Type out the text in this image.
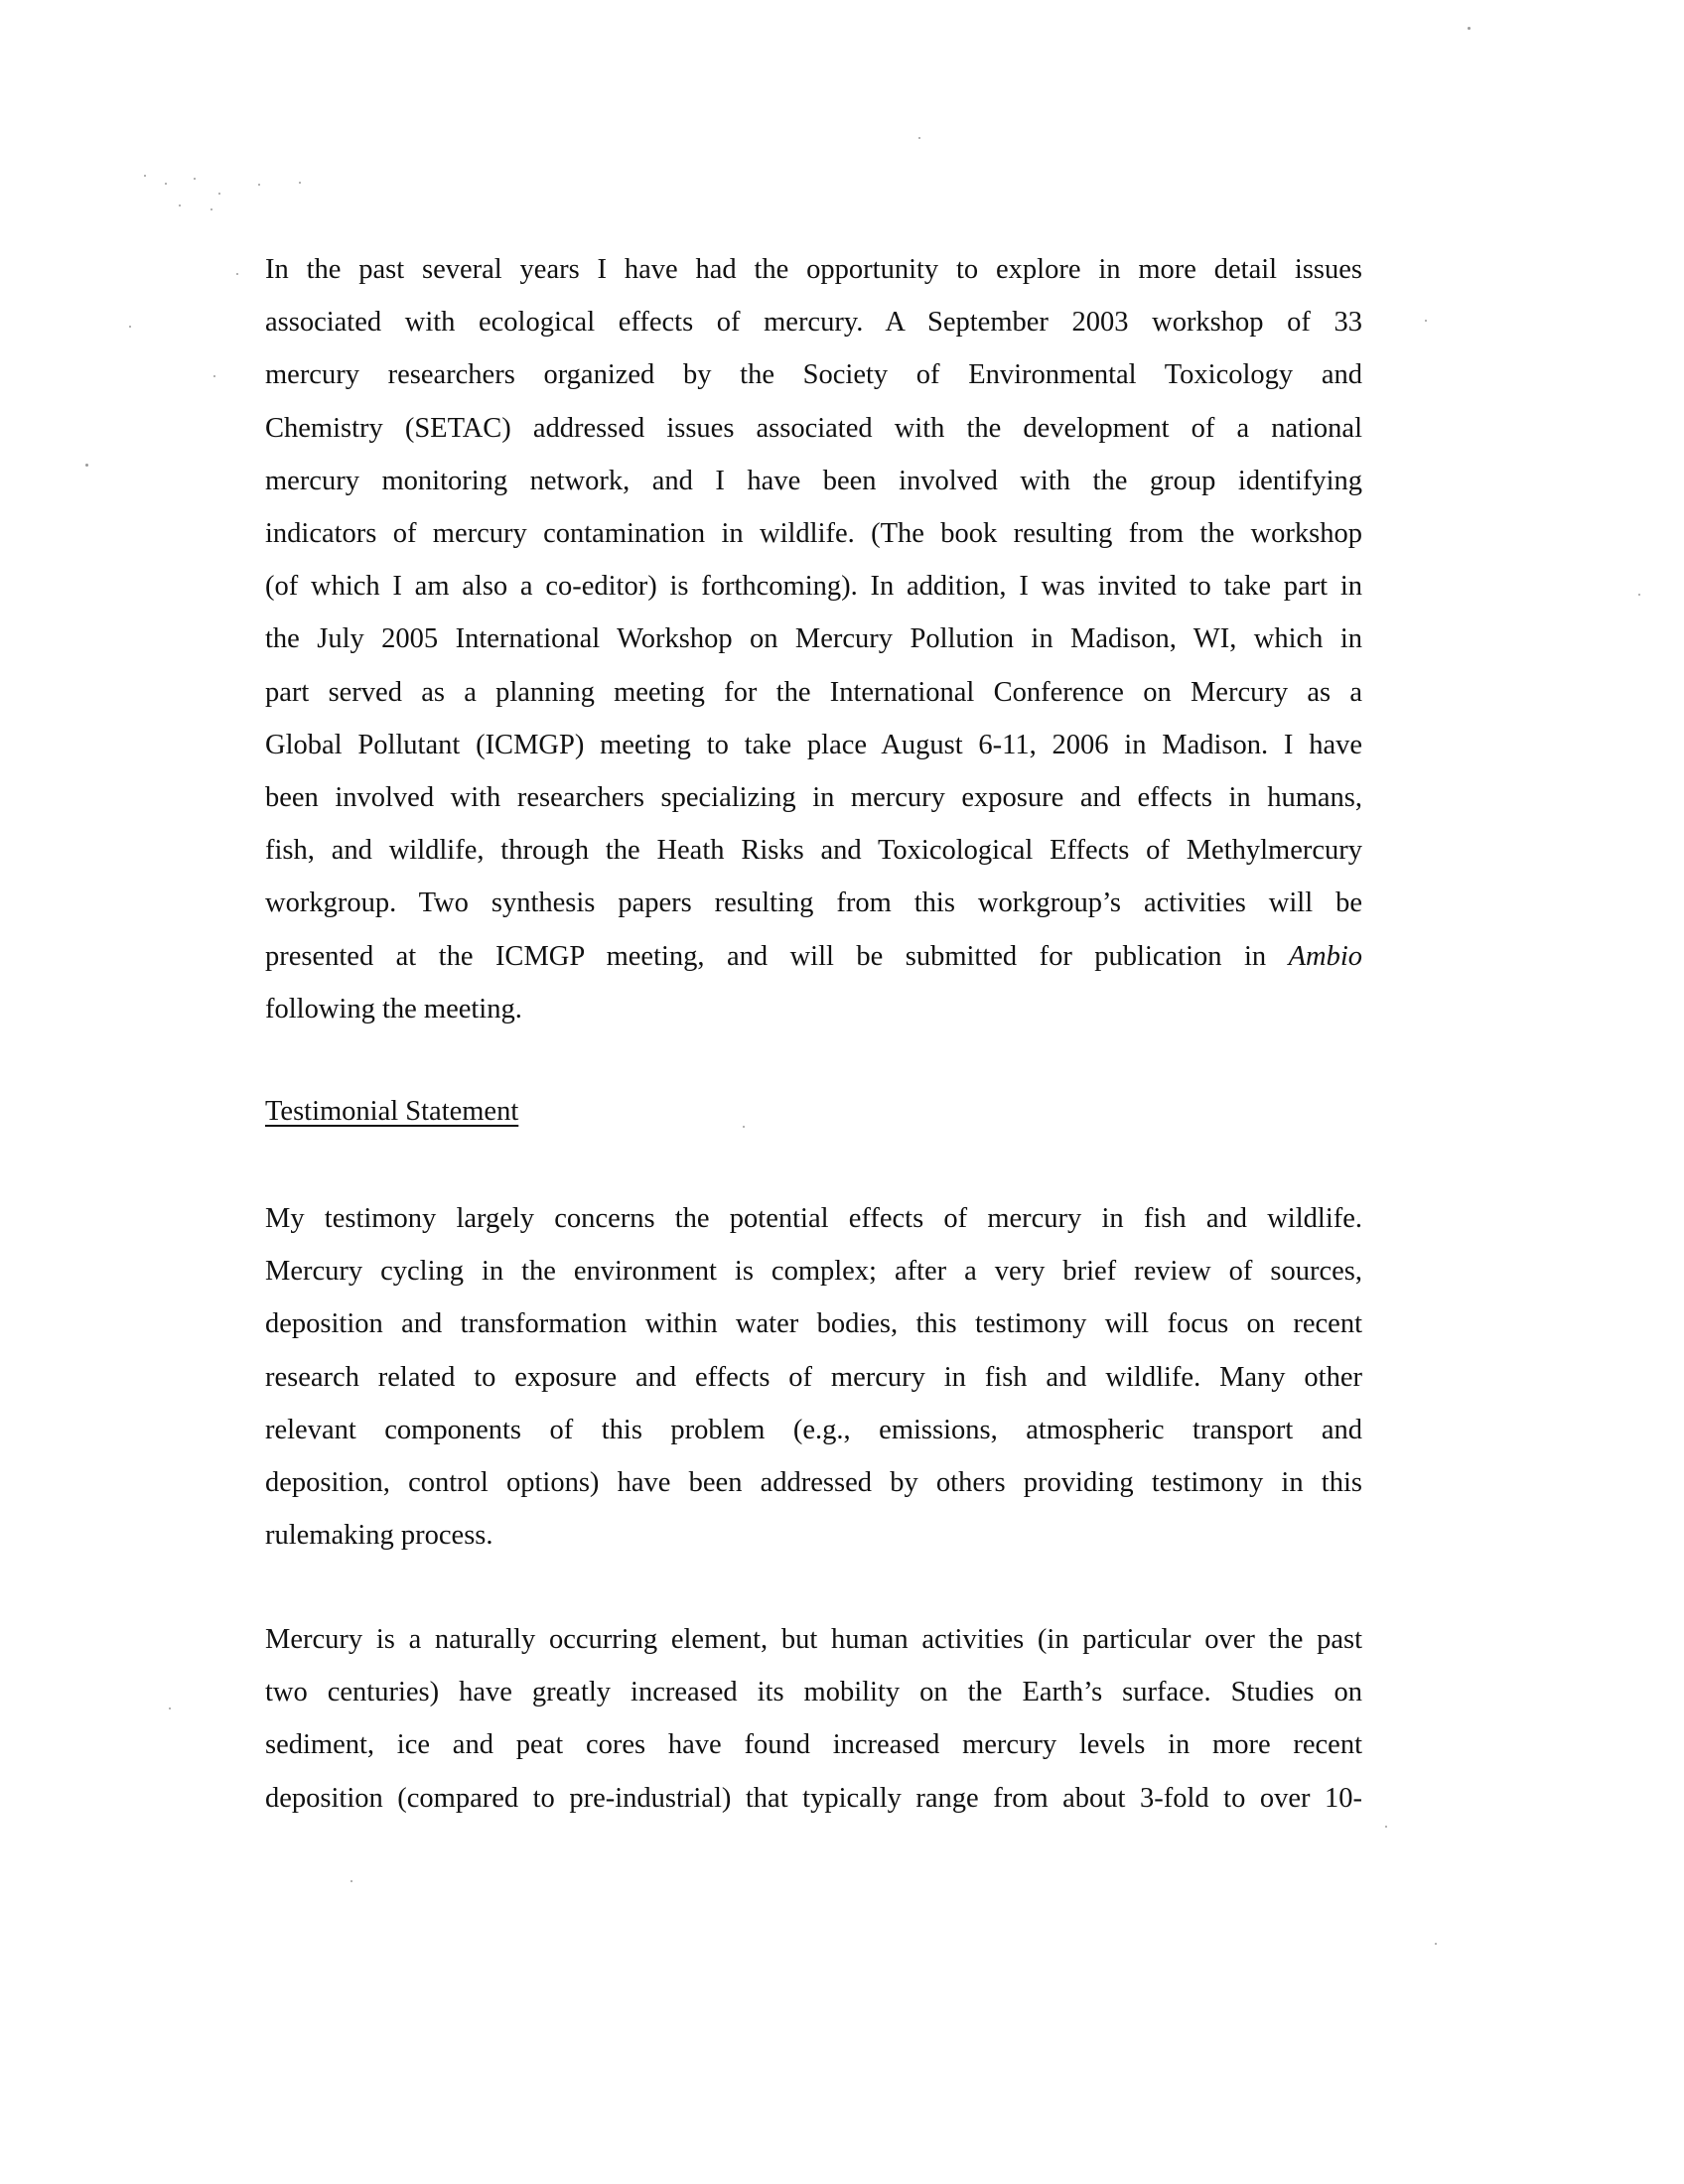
In the past several years I have had the opportunity to explore in more detail issues
associated with ecological effects of mercury. A September 2003 workshop of 33
mercury researchers organized by the Society of Environmental Toxicology and
Chemistry (SETAC) addressed issues associated with the development of a national
mercury monitoring network, and I have been involved with the group identifying
indicators of mercury contamination in wildlife. (The book resulting from the workshop
(of which I am also a co-editor) is forthcoming). In addition, I was invited to take part in
the July 2005 International Workshop on Mercury Pollution in Madison, WI, which in
part served as a planning meeting for the International Conference on Mercury as a
Global Pollutant (ICMGP) meeting to take place August 6-11, 2006 in Madison. I have
been involved with researchers specializing in mercury exposure and effects in humans,
fish, and wildlife, through the Heath Risks and Toxicological Effects of Methylmercury
workgroup. Two synthesis papers resulting from this workgroup’s activities will be
presented at the ICMGP meeting, and will be submitted for publication in Ambio
following the meeting.
Testimonial Statement
My testimony largely concerns the potential effects of mercury in fish and wildlife.
Mercury cycling in the environment is complex; after a very brief review of sources,
deposition and transformation within water bodies, this testimony will focus on recent
research related to exposure and effects of mercury in fish and wildlife. Many other
relevant components of this problem (e.g., emissions, atmospheric transport and
deposition, control options) have been addressed by others providing testimony in this
rulemaking process.
Mercury is a naturally occurring element, but human activities (in particular over the past
two centuries) have greatly increased its mobility on the Earth’s surface. Studies on
sediment, ice and peat cores have found increased mercury levels in more recent
deposition (compared to pre-industrial) that typically range from about 3-fold to over 10-
